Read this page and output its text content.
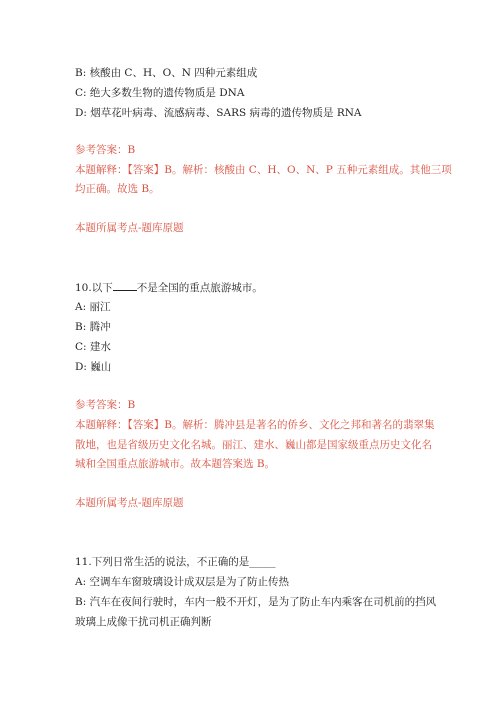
B: 核酸由 C、H、O、N 四种元素组成
C: 绝大多数生物的遗传物质是 DNA
D: 烟草花叶病毒、流感病毒、SARS 病毒的遗传物质是 RNA
参考答案：B
本题解释：【答案】B。解析：核酸由 C、H、O、N、P 五种元素组成。其他三项
均正确。故选 B。
本题所属考点-题库原题
10.以下 不是全国的重点旅游城市。
A: 丽江
B: 腾冲
C: 建水
D: 巍山
参考答案：B
本题解释：【答案】B。解析：腾冲县是著名的侨乡、文化之邦和著名的翡翠集
散地，也是省级历史文化名城。丽江、建水、巍山都是国家级重点历史文化名
城和全国重点旅游城市。故本题答案选 B。
本题所属考点-题库原题
11.下列日常生活的说法，不正确的是_____
A: 空调车车窗玻璃设计成双层是为了防止传热
B: 汽车在夜间行驶时，车内一般不开灯，是为了防止车内乘客在司机前的挡风
玻璃上成像干扰司机正确判断
